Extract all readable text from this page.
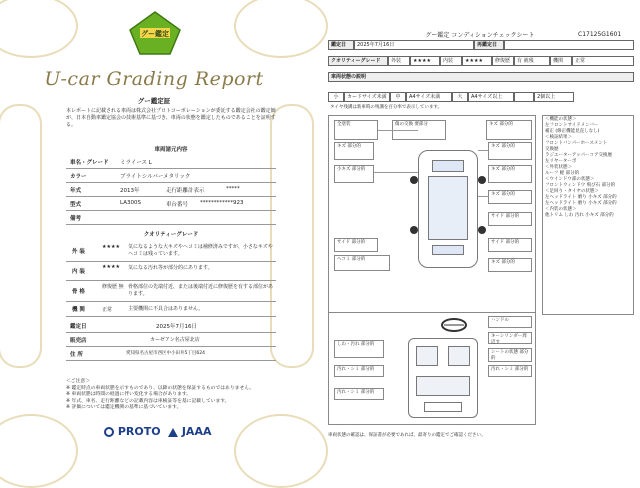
グー鑑定
U-car Grading Report
グー鑑定証
本レポートに記載される車両は株式会社プロトコーポレーションが委託する鑑定会社の鑑定師が、日本自動車鑑定協会の技術基準に基づき、車両の状態を鑑定したものであることを証明する。
車両諸元内容
車名・グレード ミライース L
カラー	ブライトシルバーメタリック
年式	2013年	走行距離計表示	*****
型式	LA300S	車台番号 ************923
備考
クオリティーグレード
外 装
★★★★ 気になるような大キズやヘコミは補修済みですが、小さなキズやヘコミは残っています。
内 装
★★★★ 気になる汚れ等が部分的にあります。
骨 格
修復歴 無 骨格部位の先端付近、または後端付近に修復歴を有する部位があります。
機 関	正常	主要機関に不具合はありません。
鑑定日	2025年7月16日
販売店	カーゼアン名古屋北店
住 所	愛知県名古屋市西区中小田井5丁目624
＜ご注意＞
※ 鑑定時点の車両状態を示すものであり、以降の状態を保証するものではありません。
※ 車両状態は時間の経過に伴い変化する場合があります。
※ 年式、車名、走行距離などの記載内容は車検証等を基に記載しています。
※ 評価については鑑定機関の基準に基づいています。
PROTO	JAAA
グー鑑定 コンディションチェックシート	C17125G1601
鑑定日	2025年7月16日	再鑑定日
クオリティーグレード	外装	★★★★	内装	★★★★	修復歴	有 就残	機関	正常
車両状態の説明
小	カードサイズ未満	中	A4サイズ未満	大	A4サイズ以上	2個以上
タイヤ残溝は新車時の残溝を百分率で表示しています。
全塗装	傷の交換 要部分	キズ 部分的
キズ 部分的	キズ 部分的
小キズ 部分的	キズ 部分的
キズ 部分的
サイド 部分的
サイド 部分的
ヘコミ 部分的
サイド 部分的
キズ 部分的
しわ・汚れ 部分的
ハンドル
キーシリンダー周辺す
シートの状態 部分的
汚れ・シミ 部分的	汚れ・シミ 部分的
汚れ・シミ 部分的
＜機能の状態＞
左フロントサイドメンバー
補正 (修正機能見直しなし)
＜検証結果＞
フロントバンパーホースメント
交換歴
ラジエーターアッパーコア交換歴
左リヤーターボ
＜外装状態＞
ルーフ 軽 部分的
＜ウインドウ部の状態＞
フロントウィンドウ 飛び石 部分的
＜足回り・タイヤの状態＞
左ヘッドライト 磨り 小キズ 部分的
左ヘッドライト 磨り 小キズ 部分的
＜内装の状態＞
他トリム しわ 汚れ 小キズ 部分的
車両状態の確認は、保証書が必要であれば、最寄りの鑑定でご確認ください。
